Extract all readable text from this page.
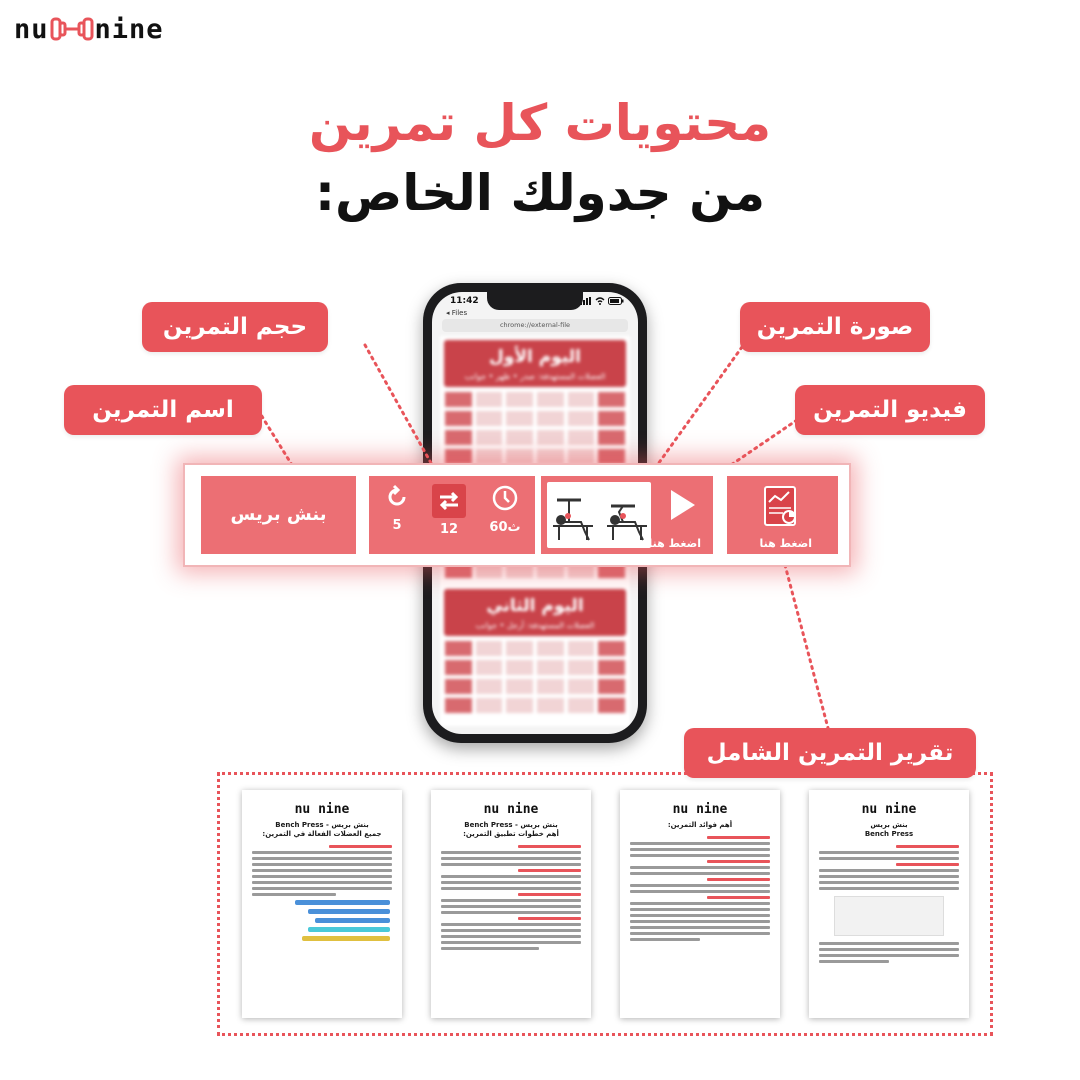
nu nine
محتويات كل تمرين
من جدولك الخاص:
11:42
◂ Files
chrome://external-file
اليوم الأول
العضلات المستهدفة: صدر • ظهر • جوانب
اليوم الثاني
العضلات المستهدفة: أرجل • جوانب
حجم التمرين
اسم التمرين
صورة التمرين
فيديو التمرين
بنش بريس
5	12	60ث
اضغط هنا	اضغط هنا
تقرير التمرين الشامل
nu nine
بنش بريس - Bench Press
جميع العضلات الفعالة في التمرين:
nu nine
بنش بريس - Bench Press
أهم خطوات تطبيق التمرين:
nu nine
أهم فوائد التمرين:
nu nine
بنش بريس
Bench Press
